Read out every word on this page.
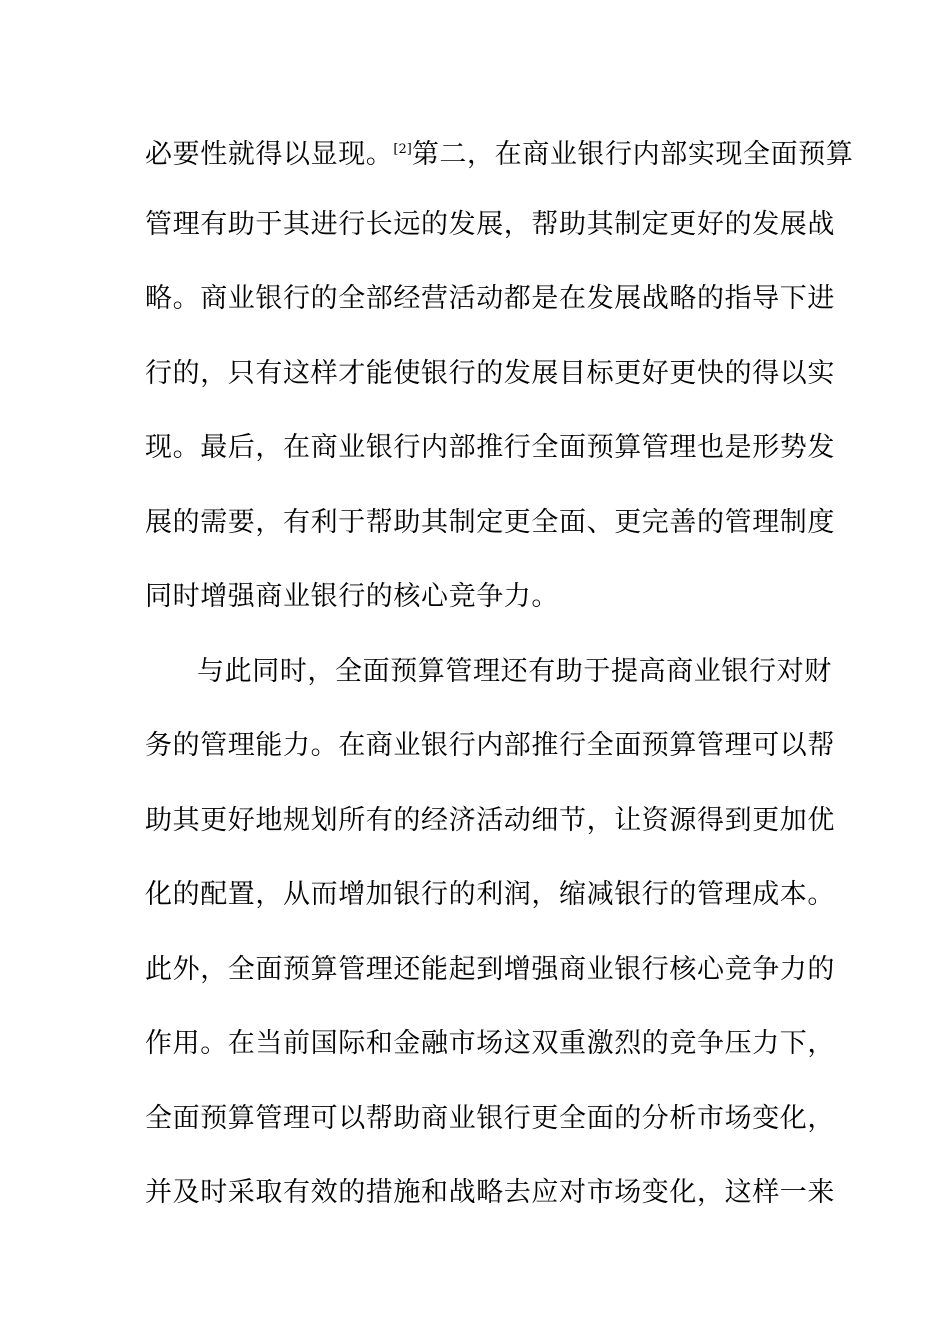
必要性就得以显现。[2]第二，在商业银行内部实现全面预算
管理有助于其进行长远的发展，帮助其制定更好的发展战
略。商业银行的全部经营活动都是在发展战略的指导下进
行的，只有这样才能使银行的发展目标更好更快的得以实
现。最后，在商业银行内部推行全面预算管理也是形势发
展的需要，有利于帮助其制定更全面、更完善的管理制度
同时增强商业银行的核心竞争力。
与此同时，全面预算管理还有助于提高商业银行对财
务的管理能力。在商业银行内部推行全面预算管理可以帮
助其更好地规划所有的经济活动细节，让资源得到更加优
化的配置，从而增加银行的利润，缩减银行的管理成本。
此外，全面预算管理还能起到增强商业银行核心竞争力的
作用。在当前国际和金融市场这双重激烈的竞争压力下，
全面预算管理可以帮助商业银行更全面的分析市场变化，
并及时采取有效的措施和战略去应对市场变化，这样一来
